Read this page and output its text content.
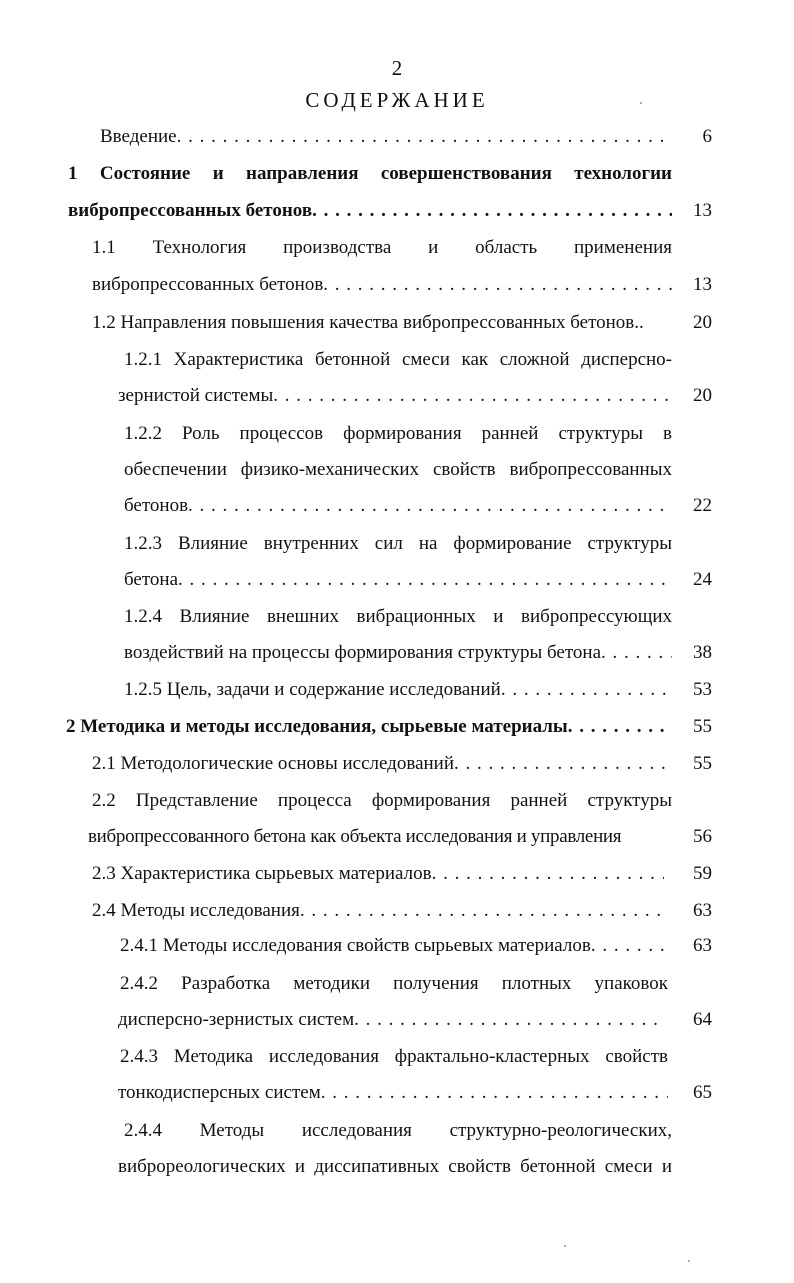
2
СОДЕРЖАНИЕ
Введение . . .	6
1 Состояние и направления совершенствования технологии
вибропрессованных бетонов . . .	13
1.1 Технология производства и область применения
вибропрессованных бетонов . . .	13
1.2 Направления повышения качества вибропрессованных бетонов..	20
1.2.1 Характеристика бетонной смеси как сложной дисперсно-
зернистой системы . . .	20
1.2.2 Роль процессов формирования ранней структуры в
обеспечении физико-механических свойств вибропрессованных
бетонов . . .	22
1.2.3 Влияние внутренних сил на формирование структуры
бетона . . .	24
1.2.4 Влияние внешних вибрационных и вибропрессующих
воздействий на процессы формирования структуры бетона . . .	38
1.2.5 Цель, задачи и содержание исследований . . .	53
2 Методика и методы исследования, сырьевые материалы . . .	55
2.1 Методологические основы исследований . . .	55
2.2 Представление процесса формирования ранней структуры
вибропрессованного бетона как объекта исследования и управления	56
2.3 Характеристика сырьевых материалов . . .	59
2.4 Методы исследования . . .	63
2.4.1 Методы исследования свойств сырьевых материалов . . .	63
2.4.2 Разработка методики получения плотных упаковок
дисперсно-зернистых систем . . .	64
2.4.3 Методика исследования фрактально-кластерных свойств
тонкодисперсных систем . . .	65
2.4.4 Методы исследования структурно-реологических,
виброреологических и диссипативных свойств бетонной смеси и
